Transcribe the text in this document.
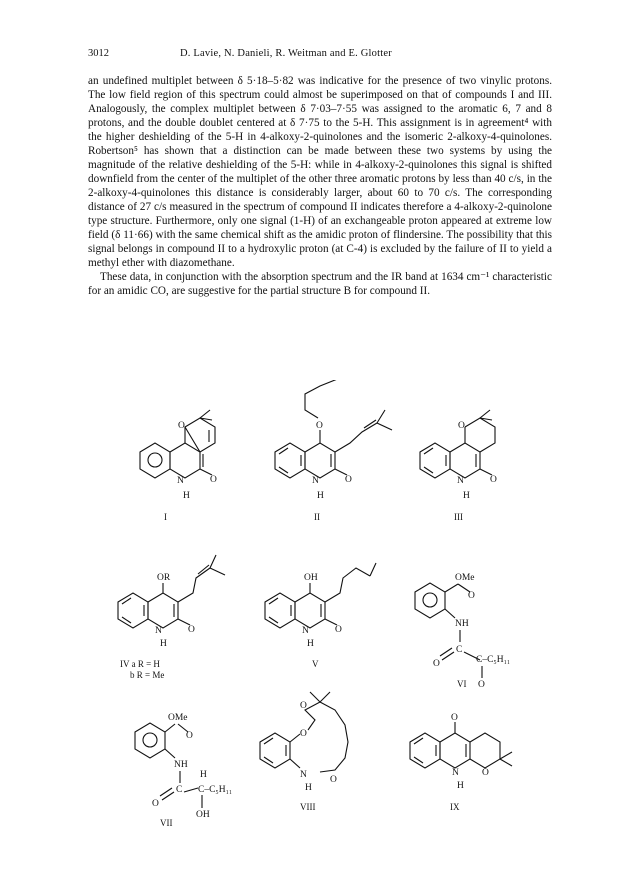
3012	D. Lavie, N. Danieli, R. Weitman and E. Glotter

an undefined multiplet between δ 5·18–5·82 was indicative for the presence of two vinylic protons. The low field region of this spectrum could almost be superimposed on that of compounds I and III. Analogously, the complex multiplet between δ 7·03–7·55 was assigned to the aromatic 6, 7 and 8 protons, and the double doublet centered at δ 7·75 to the 5-H. This assignment is in agreement⁴ with the higher deshielding of the 5-H in 4-alkoxy-2-quinolones and the isomeric 2-alkoxy-4-quinolones. Robertson⁵ has shown that a distinction can be made between these two systems by using the magnitude of the relative deshielding of the 5-H: while in 4-alkoxy-2-quinolones this signal is shifted downfield from the center of the multiplet of the other three aromatic protons by less than 40 c/s, in the 2-alkoxy-4-quinolones this distance is considerably larger, about 60 to 70 c/s. The corresponding distance of 27 c/s measured in the spectrum of compound II indicates therefore a 4-alkoxy-2-quinolone type structure. Furthermore, only one signal (1-H) of an exchangeable proton appeared at extreme low field (δ 11·66) with the same chemical shift as the amidic proton of flindersine. The possibility that this signal belongs in compound II to a hydroxylic proton (at C-4) is excluded by the failure of II to yield a methyl ether with diazomethane.

These data, in conjunction with the absorption spectrum and the IR band at 1634 cm⁻¹ characteristic for an amidic CO, are suggestive for the partial structure B for compound II.

O
N
H
O
I
O
N
H
O
II
O
N
H
O
III
OR
N
H
O
IV a R = H
b R = Me
OH
N
H
O
V
OMe
O
NH
C
O	C–C₅H₁₁
O
VI
OMe
O
NH
H
C
O
C–C₅H₁₁
OH
VII
O
N
H
O
O
VIII
O
O
N
H
IX
